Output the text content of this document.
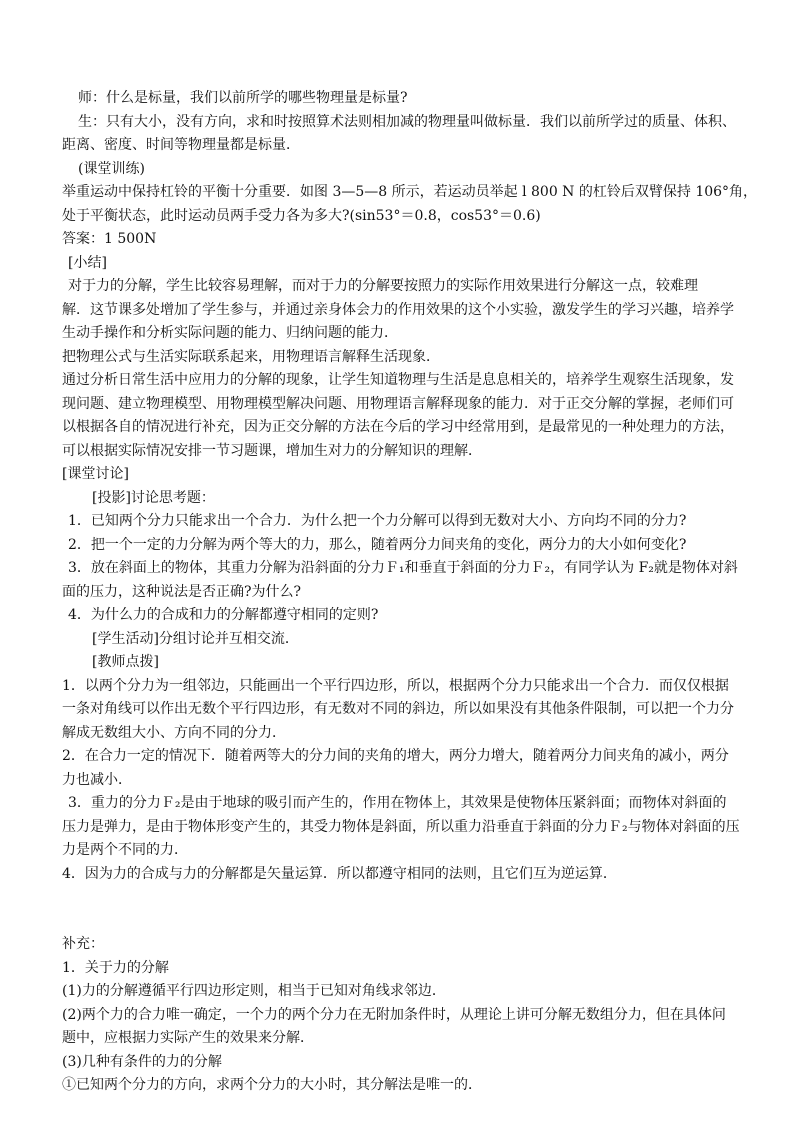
师：什么是标量，我们以前所学的哪些物理量是标量?
生：只有大小，没有方向，求和时按照算术法则相加减的物理量叫做标量．我们以前所学过的质量、体积、
距离、密度、时间等物理量都是标量．
(课堂训练)
举重运动中保持杠铃的平衡十分重要．如图 3—5—8 所示，若运动员举起 l 800 N 的杠铃后双臂保持 106°角，
处于平衡状态，此时运动员两手受力各为多大?(sin53°＝0.8，cos53°＝0.6)
答案：1 500N
[小结]
对于力的分解，学生比较容易理解，而对于力的分解要按照力的实际作用效果进行分解这一点，较难理
解．这节课多处增加了学生参与，并通过亲身体会力的作用效果的这个小实验，激发学生的学习兴趣，培养学
生动手操作和分析实际问题的能力、归纳问题的能力．
把物理公式与生活实际联系起来，用物理语言解释生活现象．
通过分析日常生活中应用力的分解的现象，让学生知道物理与生活是息息相关的，培养学生观察生活现象，发
现问题、建立物理模型、用物理模型解决问题、用物理语言解释现象的能力．对于正交分解的掌握，老师们可
以根据各自的情况进行补充，因为正交分解的方法在今后的学习中经常用到，是最常见的一种处理力的方法，
可以根据实际情况安排一节习题课，增加生对力的分解知识的理解．
[课堂讨论]
[投影]讨论思考题：
1．已知两个分力只能求出一个合力．为什么把一个力分解可以得到无数对大小、方向均不同的分力?
2．把一个一定的力分解为两个等大的力，那么，随着两分力间夹角的变化，两分力的大小如何变化?
3．放在斜面上的物体，其重力分解为沿斜面的分力Ｆ₁和垂直于斜面的分力Ｆ₂，有同学认为 F₂就是物体对斜
面的压力，这种说法是否正确?为什么?
4．为什么力的合成和力的分解都遵守相同的定则?
[学生活动]分组讨论并互相交流．
[教师点拨]
1．以两个分力为一组邻边，只能画出一个平行四边形，所以，根据两个分力只能求出一个合力．而仅仅根据
一条对角线可以作出无数个平行四边形，有无数对不同的斜边，所以如果没有其他条件限制，可以把一个力分
解成无数组大小、方向不同的分力．
2．在合力一定的情况下．随着两等大的分力间的夹角的增大，两分力增大，随着两分力间夹角的减小，两分
力也减小．
3．重力的分力Ｆ₂是由于地球的吸引而产生的，作用在物体上，其效果是使物体压紧斜面；而物体对斜面的
压力是弹力，是由于物体形变产生的，其受力物体是斜面，所以重力沿垂直于斜面的分力Ｆ₂与物体对斜面的压
力是两个不同的力．
4．因为力的合成与力的分解都是矢量运算．所以都遵守相同的法则，且它们互为逆运算．
补充：
1．关于力的分解
(1)力的分解遵循平行四边形定则，相当于已知对角线求邻边．
(2)两个力的合力唯一确定，一个力的两个分力在无附加条件时，从理论上讲可分解无数组分力，但在具体问
题中，应根据力实际产生的效果来分解．
(3)几种有条件的力的分解
①已知两个分力的方向，求两个分力的大小时，其分解法是唯一的．
